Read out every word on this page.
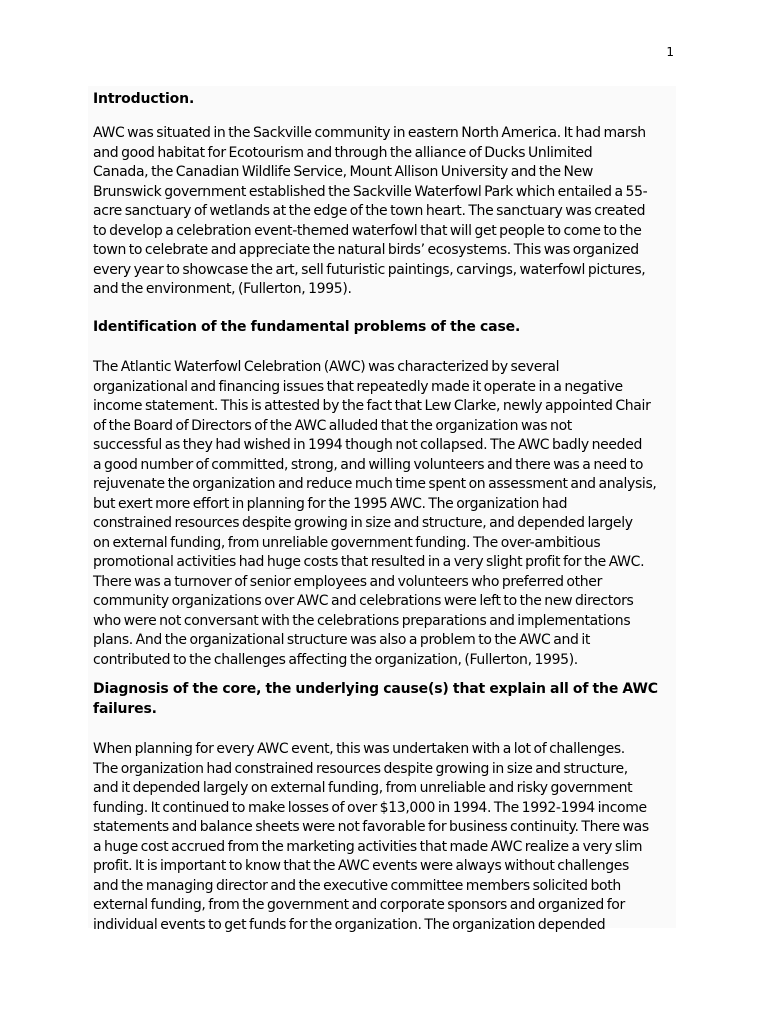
1
Introduction.
AWC was situated in the Sackville community in eastern North America. It had marsh
and good habitat for Ecotourism and through the alliance of Ducks Unlimited
Canada, the Canadian Wildlife Service, Mount Allison University and the New
Brunswick government established the Sackville Waterfowl Park which entailed a 55-
acre sanctuary of wetlands at the edge of the town heart. The sanctuary was created
to develop a celebration event-themed waterfowl that will get people to come to the
town to celebrate and appreciate the natural birds’ ecosystems. This was organized
every year to showcase the art, sell futuristic paintings, carvings, waterfowl pictures,
and the environment, (Fullerton, 1995).
Identification of the fundamental problems of the case.
The Atlantic Waterfowl Celebration (AWC) was characterized by several
organizational and financing issues that repeatedly made it operate in a negative
income statement. This is attested by the fact that Lew Clarke, newly appointed Chair
of the Board of Directors of the AWC alluded that the organization was not
successful as they had wished in 1994 though not collapsed. The AWC badly needed
a good number of committed, strong, and willing volunteers and there was a need to
rejuvenate the organization and reduce much time spent on assessment and analysis,
but exert more effort in planning for the 1995 AWC. The organization had
constrained resources despite growing in size and structure, and depended largely
on external funding, from unreliable government funding. The over-ambitious
promotional activities had huge costs that resulted in a very slight profit for the AWC.
There was a turnover of senior employees and volunteers who preferred other
community organizations over AWC and celebrations were left to the new directors
who were not conversant with the celebrations preparations and implementations
plans. And the organizational structure was also a problem to the AWC and it
contributed to the challenges affecting the organization, (Fullerton, 1995).
Diagnosis of the core, the underlying cause(s) that explain all of the AWC
failures.
When planning for every AWC event, this was undertaken with a lot of challenges.
The organization had constrained resources despite growing in size and structure,
and it depended largely on external funding, from unreliable and risky government
funding. It continued to make losses of over $13,000 in 1994. The 1992-1994 income
statements and balance sheets were not favorable for business continuity. There was
a huge cost accrued from the marketing activities that made AWC realize a very slim
profit. It is important to know that the AWC events were always without challenges
and the managing director and the executive committee members solicited both
external funding, from the government and corporate sponsors and organized for
individual events to get funds for the organization. The organization depended
